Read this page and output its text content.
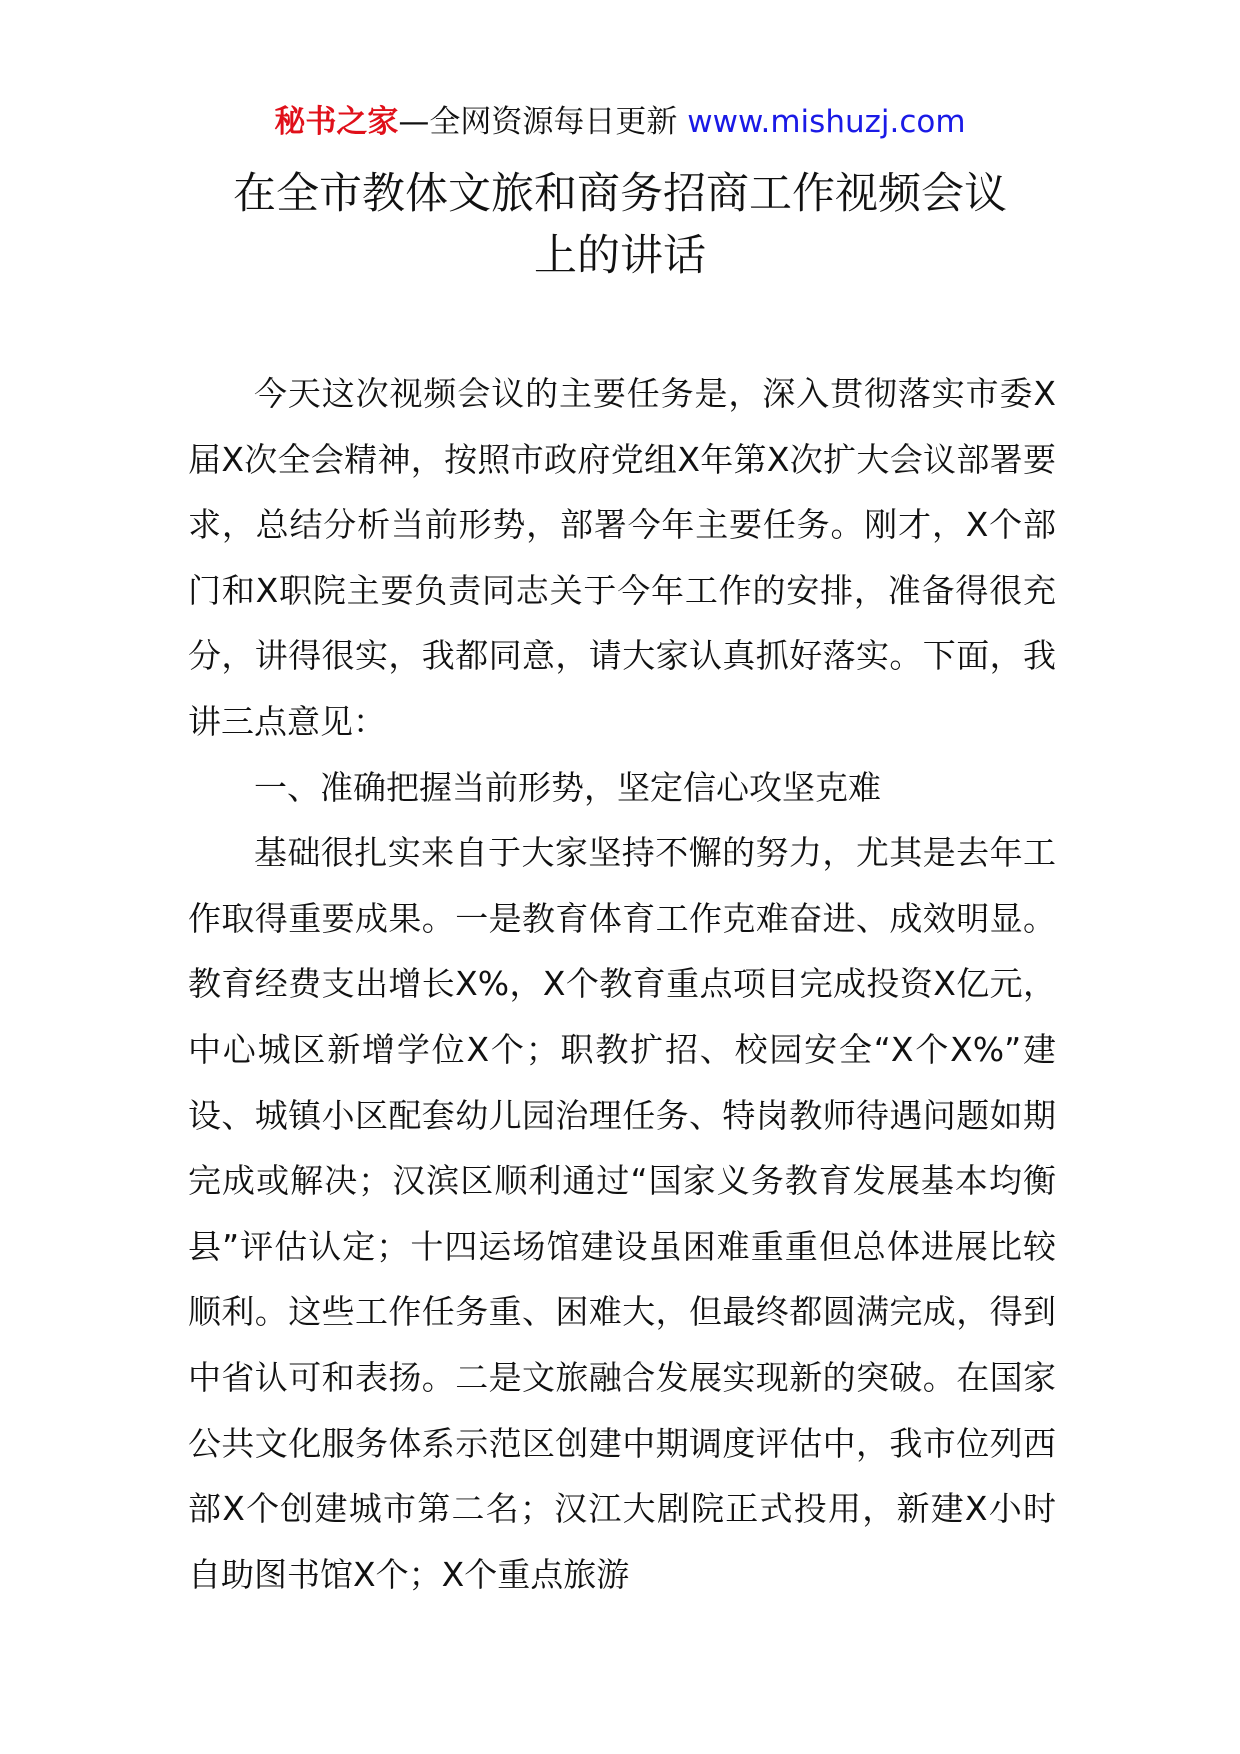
秘书之家—全网资源每日更新 www.mishuzj.com
在全市教体文旅和商务招商工作视频会议
上的讲话

今天这次视频会议的主要任务是，深入贯彻落实市委X届X次全会精神，按照市政府党组X年第X次扩大会议部署要求，总结分析当前形势，部署今年主要任务。刚才，X个部门和X职院主要负责同志关于今年工作的安排，准备得很充分，讲得很实，我都同意，请大家认真抓好落实。下面，我讲三点意见：

一、准确把握当前形势，坚定信心攻坚克难

基础很扎实来自于大家坚持不懈的努力，尤其是去年工作取得重要成果。一是教育体育工作克难奋进、成效明显。教育经费支出增长X%，X个教育重点项目完成投资X亿元，中心城区新增学位X个；职教扩招、校园安全“X个X%”建设、城镇小区配套幼儿园治理任务、特岗教师待遇问题如期完成或解决；汉滨区顺利通过“国家义务教育发展基本均衡县”评估认定；十四运场馆建设虽困难重重但总体进展比较顺利。这些工作任务重、困难大，但最终都圆满完成，得到中省认可和表扬。二是文旅融合发展实现新的突破。在国家公共文化服务体系示范区创建中期调度评估中，我市位列西部X个创建城市第二名；汉江大剧院正式投用，新建X小时自助图书馆X个；X个重点旅游
